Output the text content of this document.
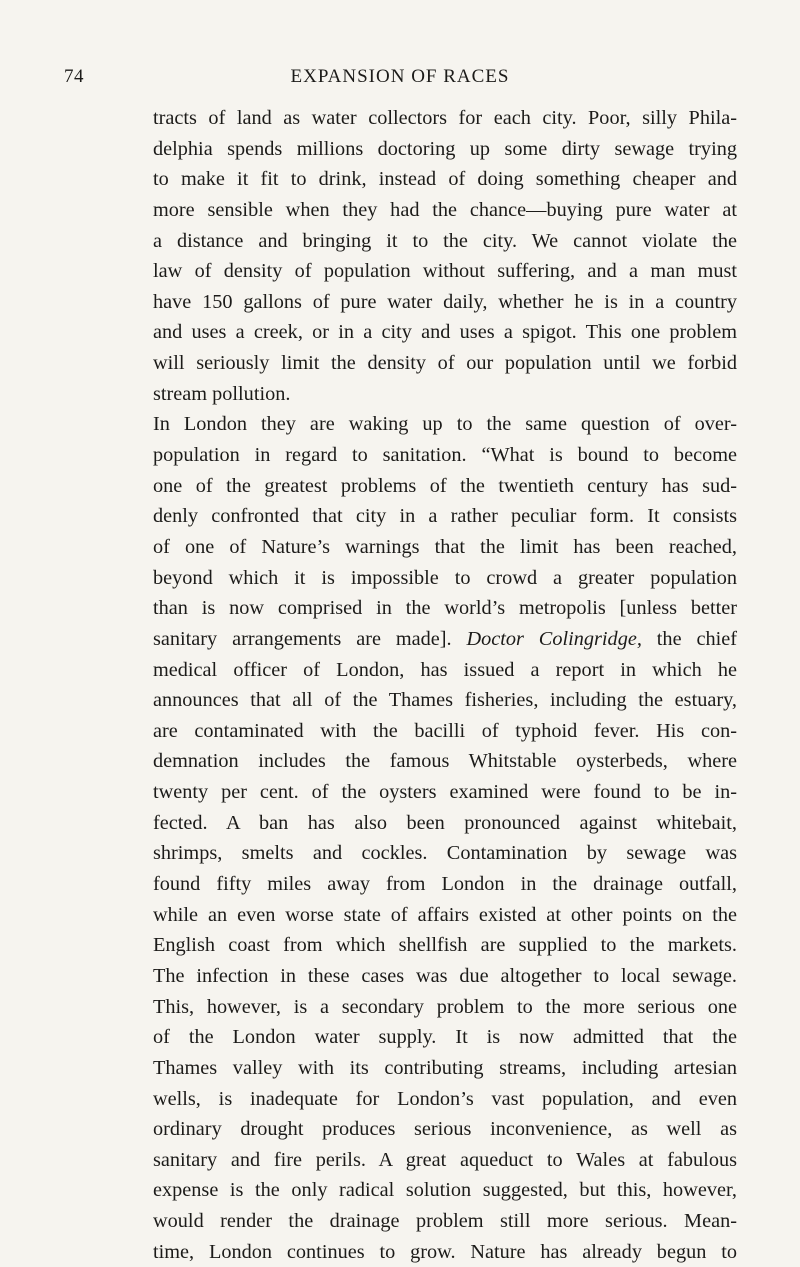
74	EXPANSION OF RACES
tracts of land as water collectors for each city. Poor, silly Phila-
delphia spends millions doctoring up some dirty sewage trying
to make it fit to drink, instead of doing something cheaper and
more sensible when they had the chance—buying pure water at
a distance and bringing it to the city. We cannot violate the
law of density of population without suffering, and a man must
have 150 gallons of pure water daily, whether he is in a country
and uses a creek, or in a city and uses a spigot. This one problem
will seriously limit the density of our population until we forbid
stream pollution.
In London they are waking up to the same question of over-
population in regard to sanitation. “What is bound to become
one of the greatest problems of the twentieth century has sud-
denly confronted that city in a rather peculiar form. It consists
of one of Nature’s warnings that the limit has been reached,
beyond which it is impossible to crowd a greater population
than is now comprised in the world’s metropolis [unless better
sanitary arrangements are made]. Doctor Colingridge, the chief
medical officer of London, has issued a report in which he
announces that all of the Thames fisheries, including the estuary,
are contaminated with the bacilli of typhoid fever. His con-
demnation includes the famous Whitstable oysterbeds, where
twenty per cent. of the oysters examined were found to be in-
fected. A ban has also been pronounced against whitebait,
shrimps, smelts and cockles. Contamination by sewage was
found fifty miles away from London in the drainage outfall,
while an even worse state of affairs existed at other points on the
English coast from which shellfish are supplied to the markets.
The infection in these cases was due altogether to local sewage.
This, however, is a secondary problem to the more serious one
of the London water supply. It is now admitted that the
Thames valley with its contributing streams, including artesian
wells, is inadequate for London’s vast population, and even
ordinary drought produces serious inconvenience, as well as
sanitary and fire perils. A great aqueduct to Wales at fabulous
expense is the only radical solution suggested, but this, however,
would render the drainage problem still more serious. Mean-
time, London continues to grow. Nature has already begun to
